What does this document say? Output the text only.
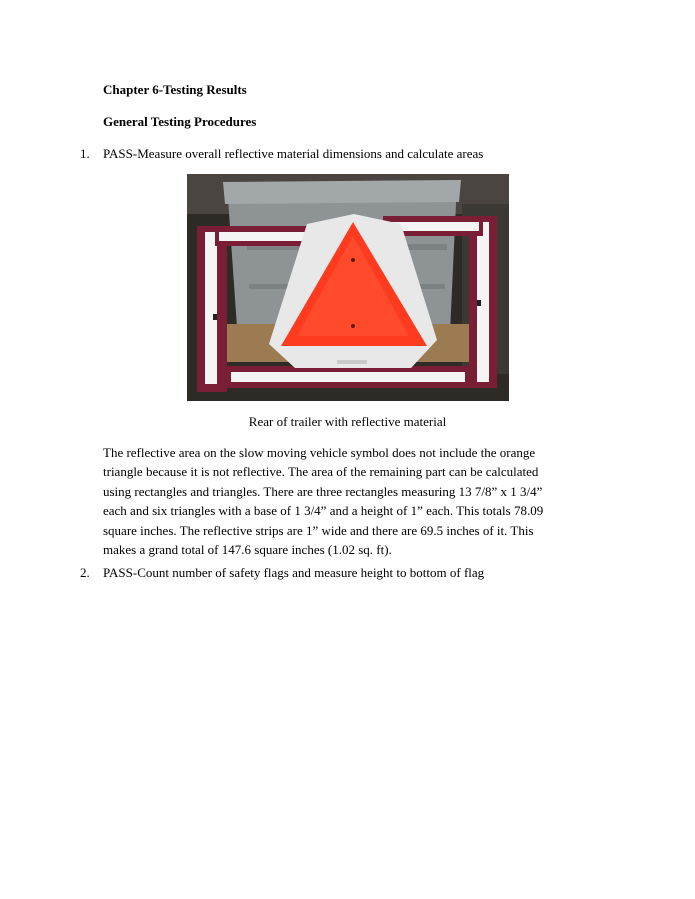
Chapter 6-Testing Results
General Testing Procedures
1.	PASS-Measure overall reflective material dimensions and calculate areas
Rear of trailer with reflective material

The reflective area on the slow moving vehicle symbol does not include the orange

triangle because it is not reflective. The area of the remaining part can be calculated

using rectangles and triangles. There are three rectangles measuring 13 7/8” x 1 3/4”

each and six triangles with a base of 1 3/4” and a height of 1” each. This totals 78.09

square inches. The reflective strips are 1” wide and there are 69.5 inches of it. This

makes a grand total of 147.6 square inches (1.02 sq. ft).

2.	PASS-Count number of safety flags and measure height to bottom of flag
